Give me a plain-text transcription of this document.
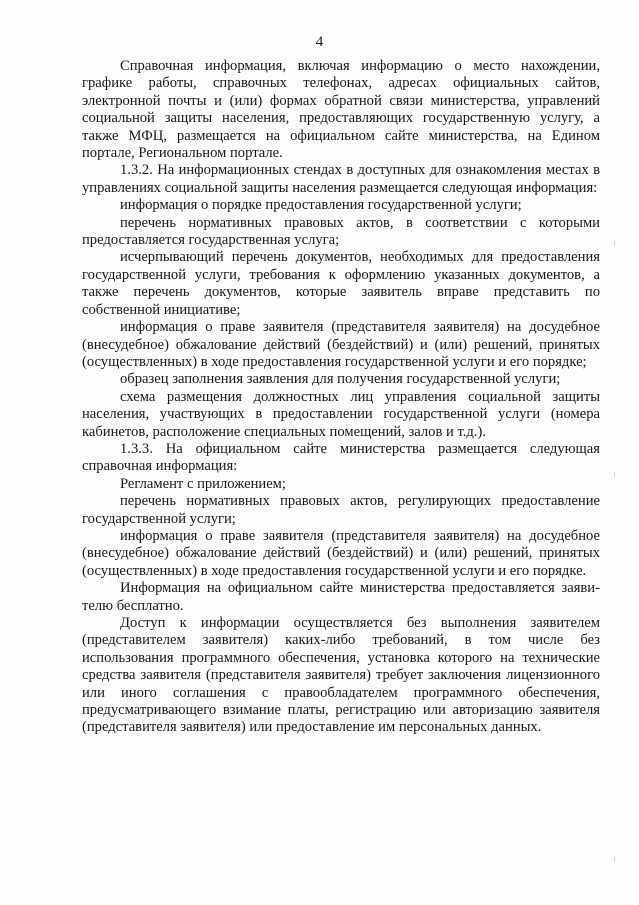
4

Справочная информация, включая информацию о место нахождении, графике работы, справочных телефонах, адресах официальных сайтов, электронной почты и (или) формах обратной связи министерства, управлений социальной защиты населения, предоставляющих государственную услугу, а также МФЦ, размещается на официальном сайте министерства, на Едином портале, Региональном портале.

1.3.2. На информационных стендах в доступных для ознакомления местах в управлениях социальной защиты населения размещается следующая информация:

информация о порядке предоставления государственной услуги;

перечень нормативных правовых актов, в соответствии с которыми предоставляется государственная услуга;

исчерпывающий перечень документов, необходимых для предоставления государственной услуги, требования к оформлению указанных документов, а также перечень документов, которые заявитель вправе представить по собственной инициативе;

информация о праве заявителя (представителя заявителя) на досудебное (внесудебное) обжалование действий (бездействий) и (или) решений, принятых (осуществленных) в ходе предоставления государственной услуги и его порядке;

образец заполнения заявления для получения государственной услуги;

схема размещения должностных лиц управления социальной защиты населения, участвующих в предоставлении государственной услуги (номера кабинетов, расположение специальных помещений, залов и т.д.).

1.3.3. На официальном сайте министерства размещается следующая справочная информация:

Регламент с приложением;

перечень нормативных правовых актов, регулирующих предоставление государственной услуги;

информация о праве заявителя (представителя заявителя) на досудебное (внесудебное) обжалование действий (бездействий) и (или) решений, принятых (осуществленных) в ходе предоставления государственной услуги и его порядке.

Информация на официальном сайте министерства предоставляется заявителю бесплатно.

Доступ к информации осуществляется без выполнения заявителем (представителем заявителя) каких-либо требований, в том числе без использования программного обеспечения, установка которого на технические средства заявителя (представителя заявителя) требует заключения лицензионного или иного соглашения с правообладателем программного обеспечения, предусматривающего взимание платы, регистрацию или авторизацию заявителя (представителя заявителя) или предоставление им персональных данных.
